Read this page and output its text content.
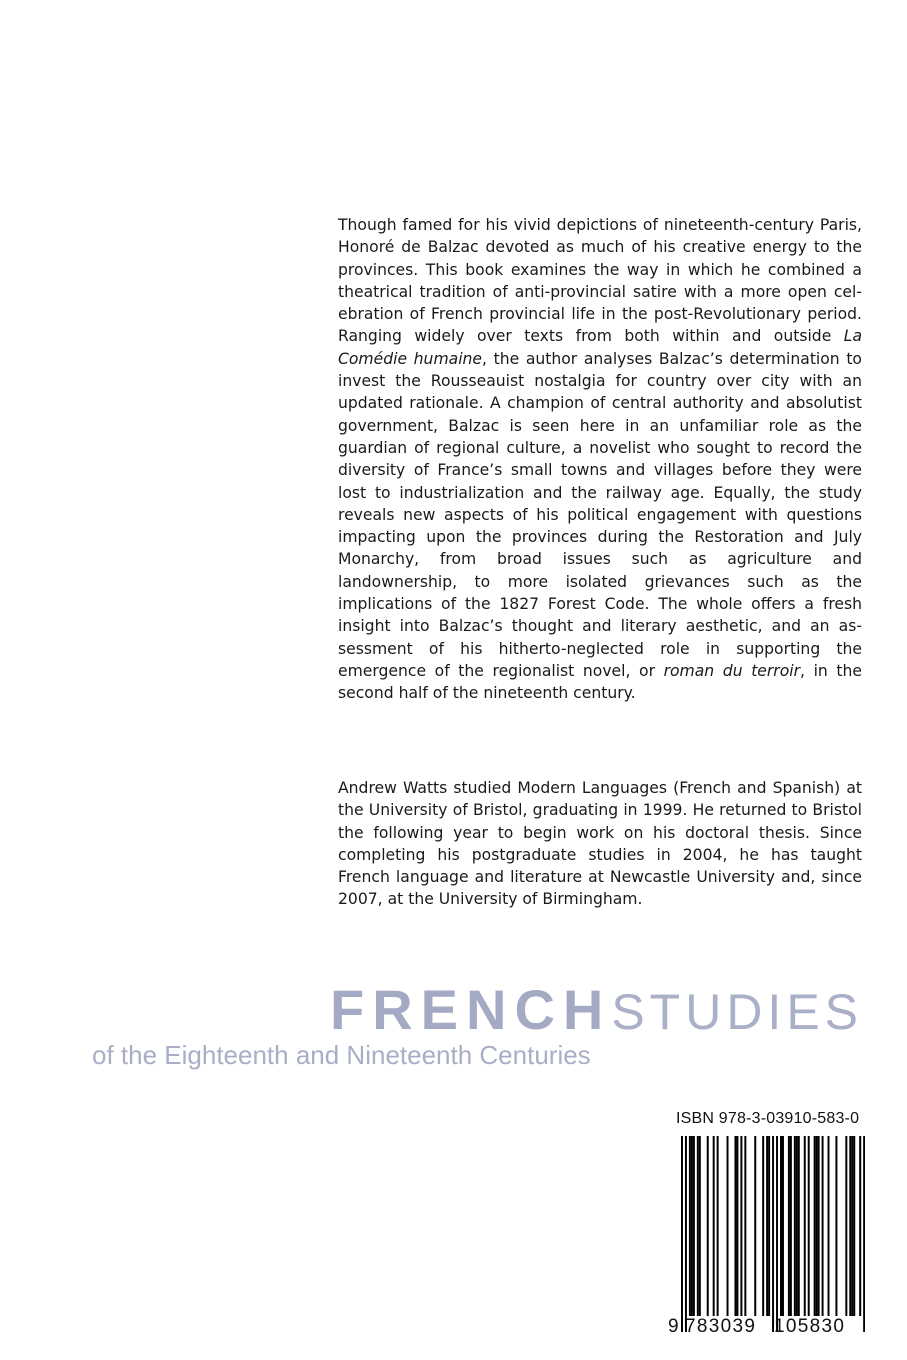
Though famed for his vivid depictions of nineteenth-century Paris, Honoré de Balzac devoted as much of his creative energy to the provinces. This book examines the way in which he combined a theatrical tradition of anti-provincial satire with a more open celebration of French provincial life in the post-Revolutionary period. Ranging widely over texts from both within and outside La Comédie humaine, the author analyses Balzac’s determination to invest the Rousseauist nostalgia for country over city with an updated rationale. A champion of central authority and absolutist government, Balzac is seen here in an unfamiliar role as the guardian of regional culture, a novelist who sought to record the diversity of France’s small towns and villages before they were lost to industrialization and the railway age. Equally, the study reveals new aspects of his political engagement with questions impacting upon the provinces during the Restoration and July Monarchy, from broad issues such as agriculture and landownership, to more isolated grievances such as the implications of the 1827 Forest Code. The whole offers a fresh insight into Balzac’s thought and literary aesthetic, and an assessment of his hitherto-neglected role in supporting the emergence of the regionalist novel, or roman du terroir, in the second half of the nineteenth century.

Andrew Watts studied Modern Languages (French and Spanish) at the University of Bristol, graduating in 1999. He returned to Bristol the following year to begin work on his doctoral thesis. Since completing his postgraduate studies in 2004, he has taught French language and literature at Newcastle University and, since 2007, at the University of Birmingham.

FRENCHSTUDIES
of the Eighteenth and Nineteenth Centuries
ISBN 978-3-03910-583-0
9 783039 105830
